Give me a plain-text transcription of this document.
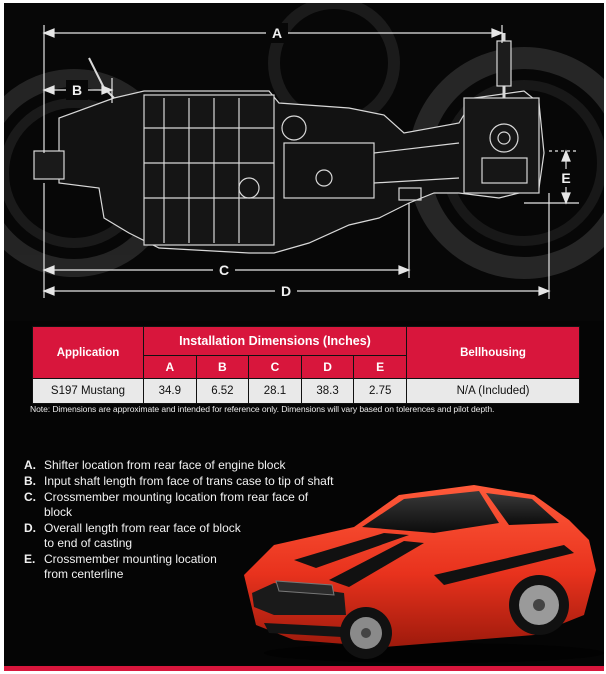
A
B
C
D
E
Application	Installation Dimensions (Inches)					Bellhousing
	A	B	C	D	E	
S197 Mustang	34.9	6.52	28.1	38.3	2.75	N/A (Included)
Note: Dimensions are approximate and intended for reference only. Dimensions will vary based on tolerences and pilot depth.
A. Shifter location from rear face of engine block
B. Input shaft length from face of trans case to tip of shaft
C. Crossmember mounting location from rear face of block
D. Overall length from rear face of block to end of casting
E. Crossmember mounting location from centerline
